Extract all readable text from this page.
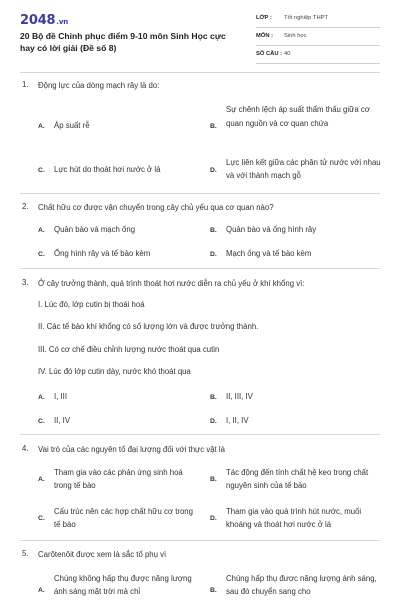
2048.vn
20 Bộ đề Chinh phục điểm 9-10 môn Sinh Học cực hay có lời giải (Đề số 8)
LỚP : Tốt nghiệp THPT
MÔN : Sinh học
SỐ CÂU : 40
1. Động lực của dòng mạch rây là do:
A. Áp suất rễ	B.
Sự chênh lệch áp suất thẩm thấu giữa cơ quan nguồn và cơ quan chứa
C. Lực hút do thoát hơi nước ở lá	D.
Lực liên kết giữa các phân tử nước với nhau và với thành mạch gỗ
2. Chất hữu cơ được vận chuyển trong cây chủ yếu qua cơ quan nào?
A. Quản bào và mạch ống	B. Quản bào và ống hình rây
C. Ống hình rây và tế bào kèm	D. Mạch ống và tế bào kèm
3. Ở cây trưởng thành, quá trình thoát hơi nước diễn ra chủ yếu ở khí khổng vì:
I. Lúc đó, lớp cutin bị thoái hoá
II. Các tế bào khí khổng có số lượng lớn và được trưởng thành.
III. Có cơ chế điều chỉnh lượng nước thoát qua cutin
IV. Lúc đó lớp cutin dày, nước khó thoát qua
A. I, III	B. II, III, IV
C. II, IV	D. I, II, IV
4. Vai trò của các nguyên tố đại lượng đối với thực vật là
A.
Tham gia vào các phản ứng sinh hoá trong tế bào
B.
Tác động đến tính chất hệ keo trong chất nguyên sinh của tế bào
C.
Cấu trúc nên các hợp chất hữu cơ trong tế bào
D.
Tham gia vào quá trình hút nước, muối khoáng và thoát hơi nước ở lá
5. Carôtenôit được xem là sắc tố phụ vì
A.
Chúng không hấp thụ được năng lượng ánh sáng mặt trời mà chỉ	B.
Chúng hấp thụ được năng lượng ánh sáng, sau đó chuyển sang cho
